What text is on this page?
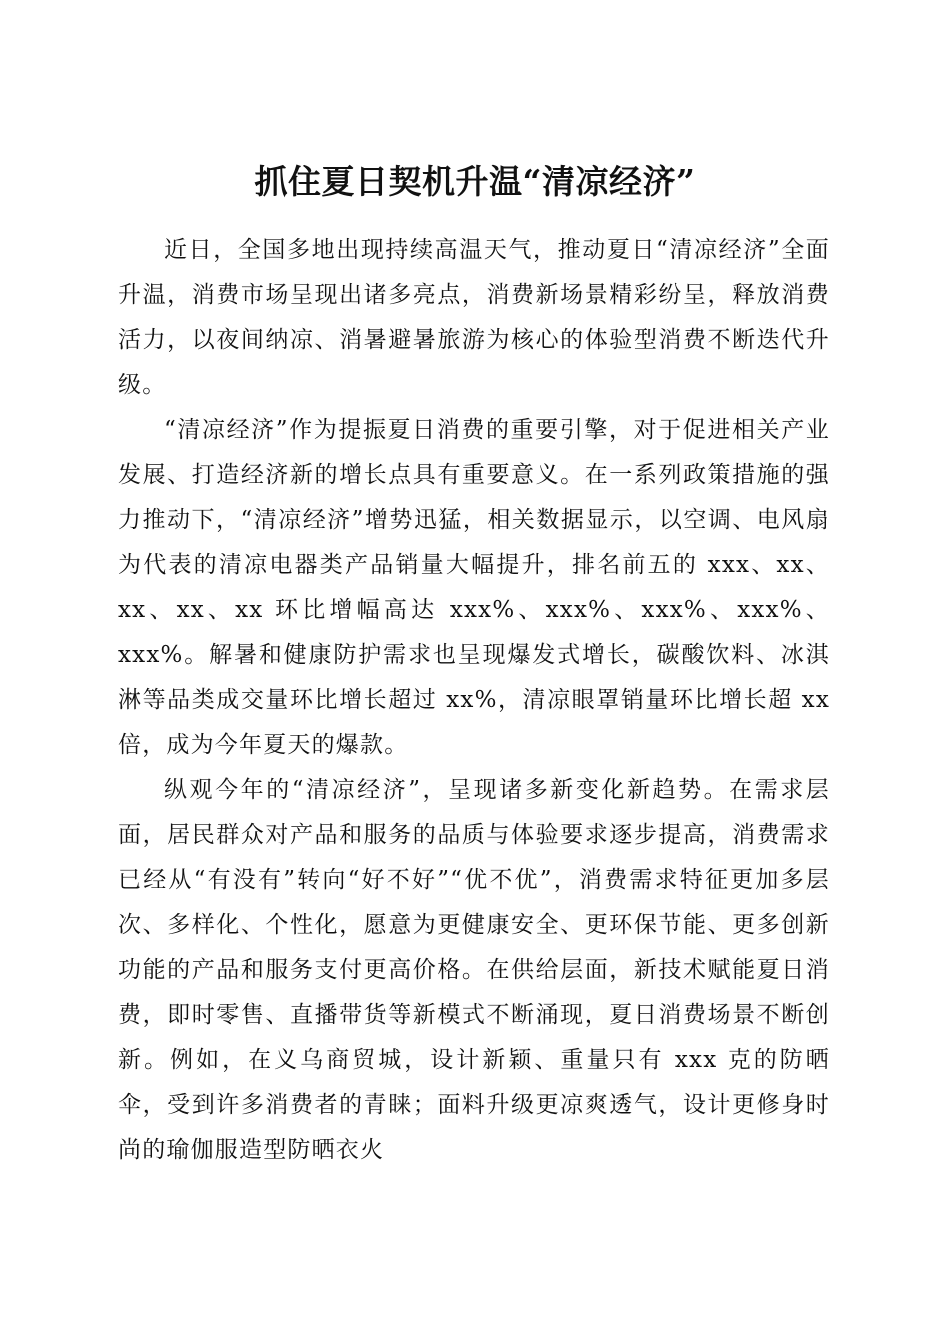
抓住夏日契机升温“清凉经济”

近日，全国多地出现持续高温天气，推动夏日“清凉经济”全面升温，消费市场呈现出诸多亮点，消费新场景精彩纷呈，释放消费活力，以夜间纳凉、消暑避暑旅游为核心的体验型消费不断迭代升级。

“清凉经济”作为提振夏日消费的重要引擎，对于促进相关产业发展、打造经济新的增长点具有重要意义。在一系列政策措施的强力推动下，“清凉经济”增势迅猛，相关数据显示，以空调、电风扇为代表的清凉电器类产品销量大幅提升，排名前五的 xxx、xx、xx、xx、xx 环比增幅高达 xxx%、xxx%、xxx%、xxx%、xxx%。解暑和健康防护需求也呈现爆发式增长，碳酸饮料、冰淇淋等品类成交量环比增长超过 xx%，清凉眼罩销量环比增长超 xx 倍，成为今年夏天的爆款。

纵观今年的“清凉经济”，呈现诸多新变化新趋势。在需求层面，居民群众对产品和服务的品质与体验要求逐步提高，消费需求已经从“有没有”转向“好不好”“优不优”，消费需求特征更加多层次、多样化、个性化，愿意为更健康安全、更环保节能、更多创新功能的产品和服务支付更高价格。在供给层面，新技术赋能夏日消费，即时零售、直播带货等新模式不断涌现，夏日消费场景不断创新。例如，在义乌商贸城，设计新颖、重量只有 xxx 克的防晒伞，受到许多消费者的青睐；面料升级更凉爽透气，设计更修身时尚的瑜伽服造型防晒衣火
